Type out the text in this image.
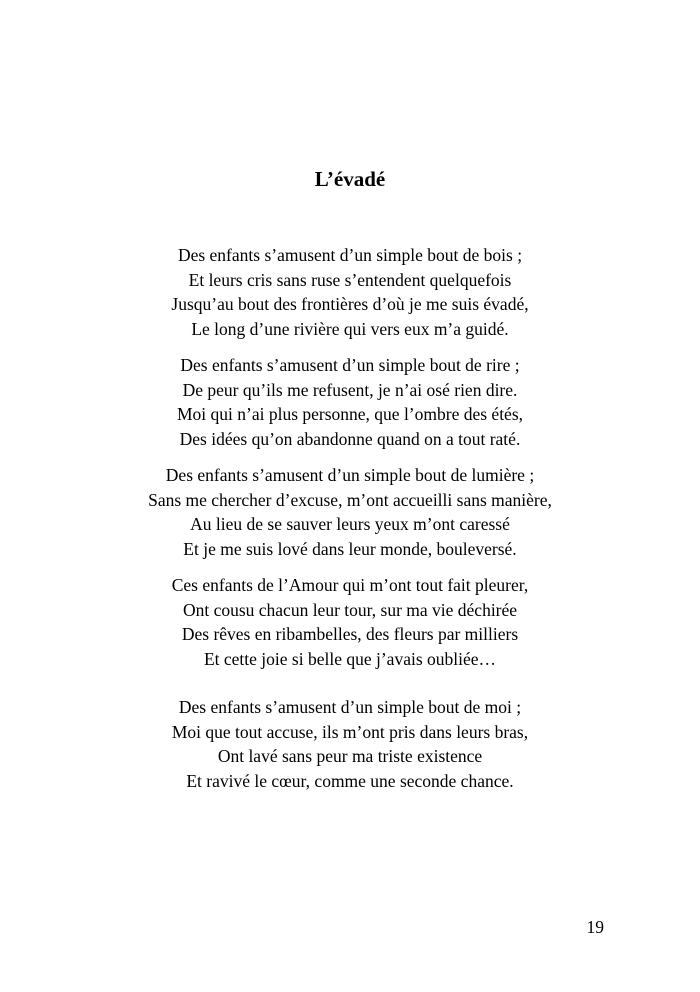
L’évadé

Des enfants s’amusent d’un simple bout de bois ;
Et leurs cris sans ruse s’entendent quelquefois
Jusqu’au bout des frontières d’où je me suis évadé,
Le long d’une rivière qui vers eux m’a guidé.

Des enfants s’amusent d’un simple bout de rire ;
De peur qu’ils me refusent, je n’ai osé rien dire.
Moi qui n’ai plus personne, que l’ombre des étés,
Des idées qu’on abandonne quand on a tout raté.

Des enfants s’amusent d’un simple bout de lumière ;
Sans me chercher d’excuse, m’ont accueilli sans manière,
Au lieu de se sauver leurs yeux m’ont caressé
Et je me suis lové dans leur monde, bouleversé.

Ces enfants de l’Amour qui m’ont tout fait pleurer,
Ont cousu chacun leur tour, sur ma vie déchirée
Des rêves en ribambelles, des fleurs par milliers
Et cette joie si belle que j’avais oubliée…

Des enfants s’amusent d’un simple bout de moi ;
Moi que tout accuse, ils m’ont pris dans leurs bras,
Ont lavé sans peur ma triste existence
Et ravivé le cœur, comme une seconde chance.

19
